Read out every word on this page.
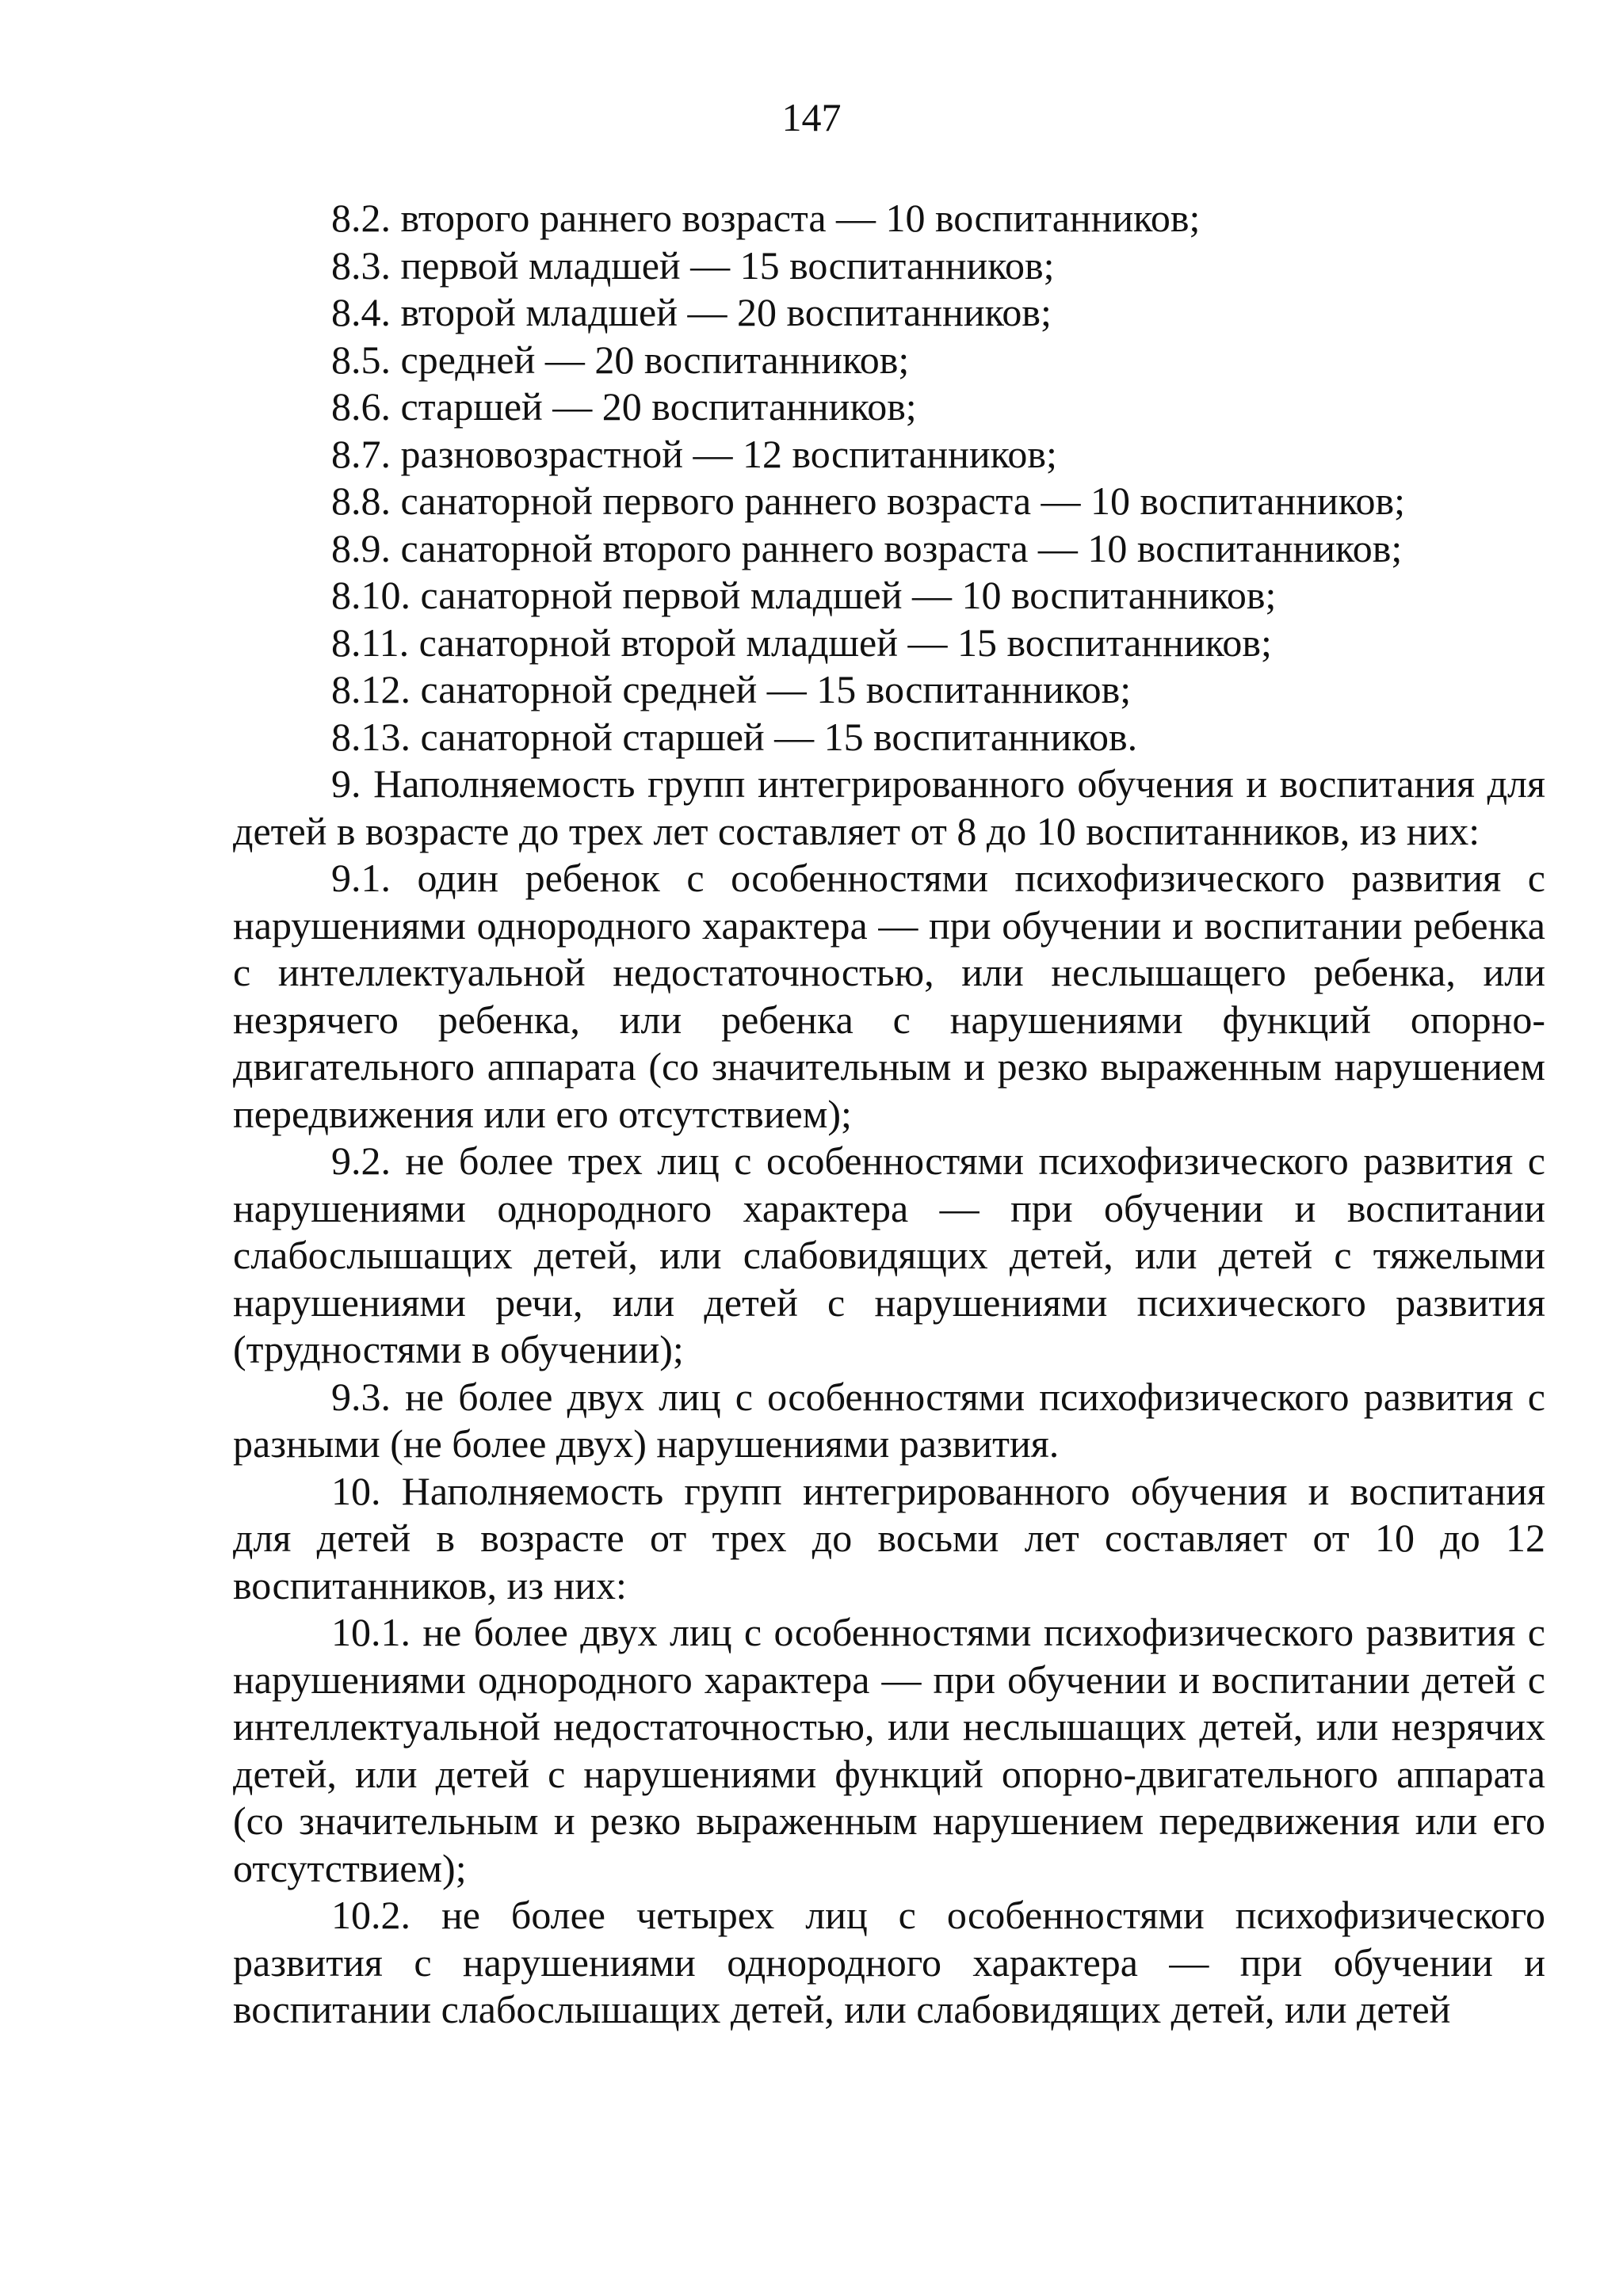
147

8.2. второго раннего возраста — 10 воспитанников;

8.3. первой младшей — 15 воспитанников;

8.4. второй младшей — 20 воспитанников;

8.5. средней — 20 воспитанников;

8.6. старшей — 20 воспитанников;

8.7. разновозрастной — 12 воспитанников;

8.8. санаторной первого раннего возраста — 10 воспитанников;

8.9. санаторной второго раннего возраста — 10 воспитанников;

8.10. санаторной первой младшей — 10 воспитанников;

8.11. санаторной второй младшей — 15 воспитанников;

8.12. санаторной средней — 15 воспитанников;

8.13. санаторной старшей — 15 воспитанников.

9. Наполняемость групп интегрированного обучения и воспитания для детей в возрасте до трех лет составляет от 8 до 10 воспитанников, из них:

9.1. один ребенок с особенностями психофизического развития с нарушениями однородного характера — при обучении и воспитании ребенка с интеллектуальной недостаточностью, или неслышащего ребенка, или незрячего ребенка, или ребенка с нарушениями функций опорно-двигательного аппарата (со значительным и резко выраженным нарушением передвижения или его отсутствием);

9.2. не более трех лиц с особенностями психофизического развития с нарушениями однородного характера — при обучении и воспитании слабослышащих детей, или слабовидящих детей, или детей с тяжелыми нарушениями речи, или детей с нарушениями психического развития (трудностями в обучении);

9.3. не более двух лиц с особенностями психофизического развития с разными (не более двух) нарушениями развития.

10. Наполняемость групп интегрированного обучения и воспитания для детей в возрасте от трех до восьми лет составляет от 10 до 12 воспитанников, из них:

10.1. не более двух лиц с особенностями психофизического развития с нарушениями однородного характера — при обучении и воспитании детей с интеллектуальной недостаточностью, или неслышащих детей, или незрячих детей, или детей с нарушениями функций опорно-двигательного аппарата (со значительным и резко выраженным нарушением передвижения или его отсутствием);

10.2. не более четырех лиц с особенностями психофизического развития с нарушениями однородного характера — при обучении и воспитании слабослышащих детей, или слабовидящих детей, или детей
